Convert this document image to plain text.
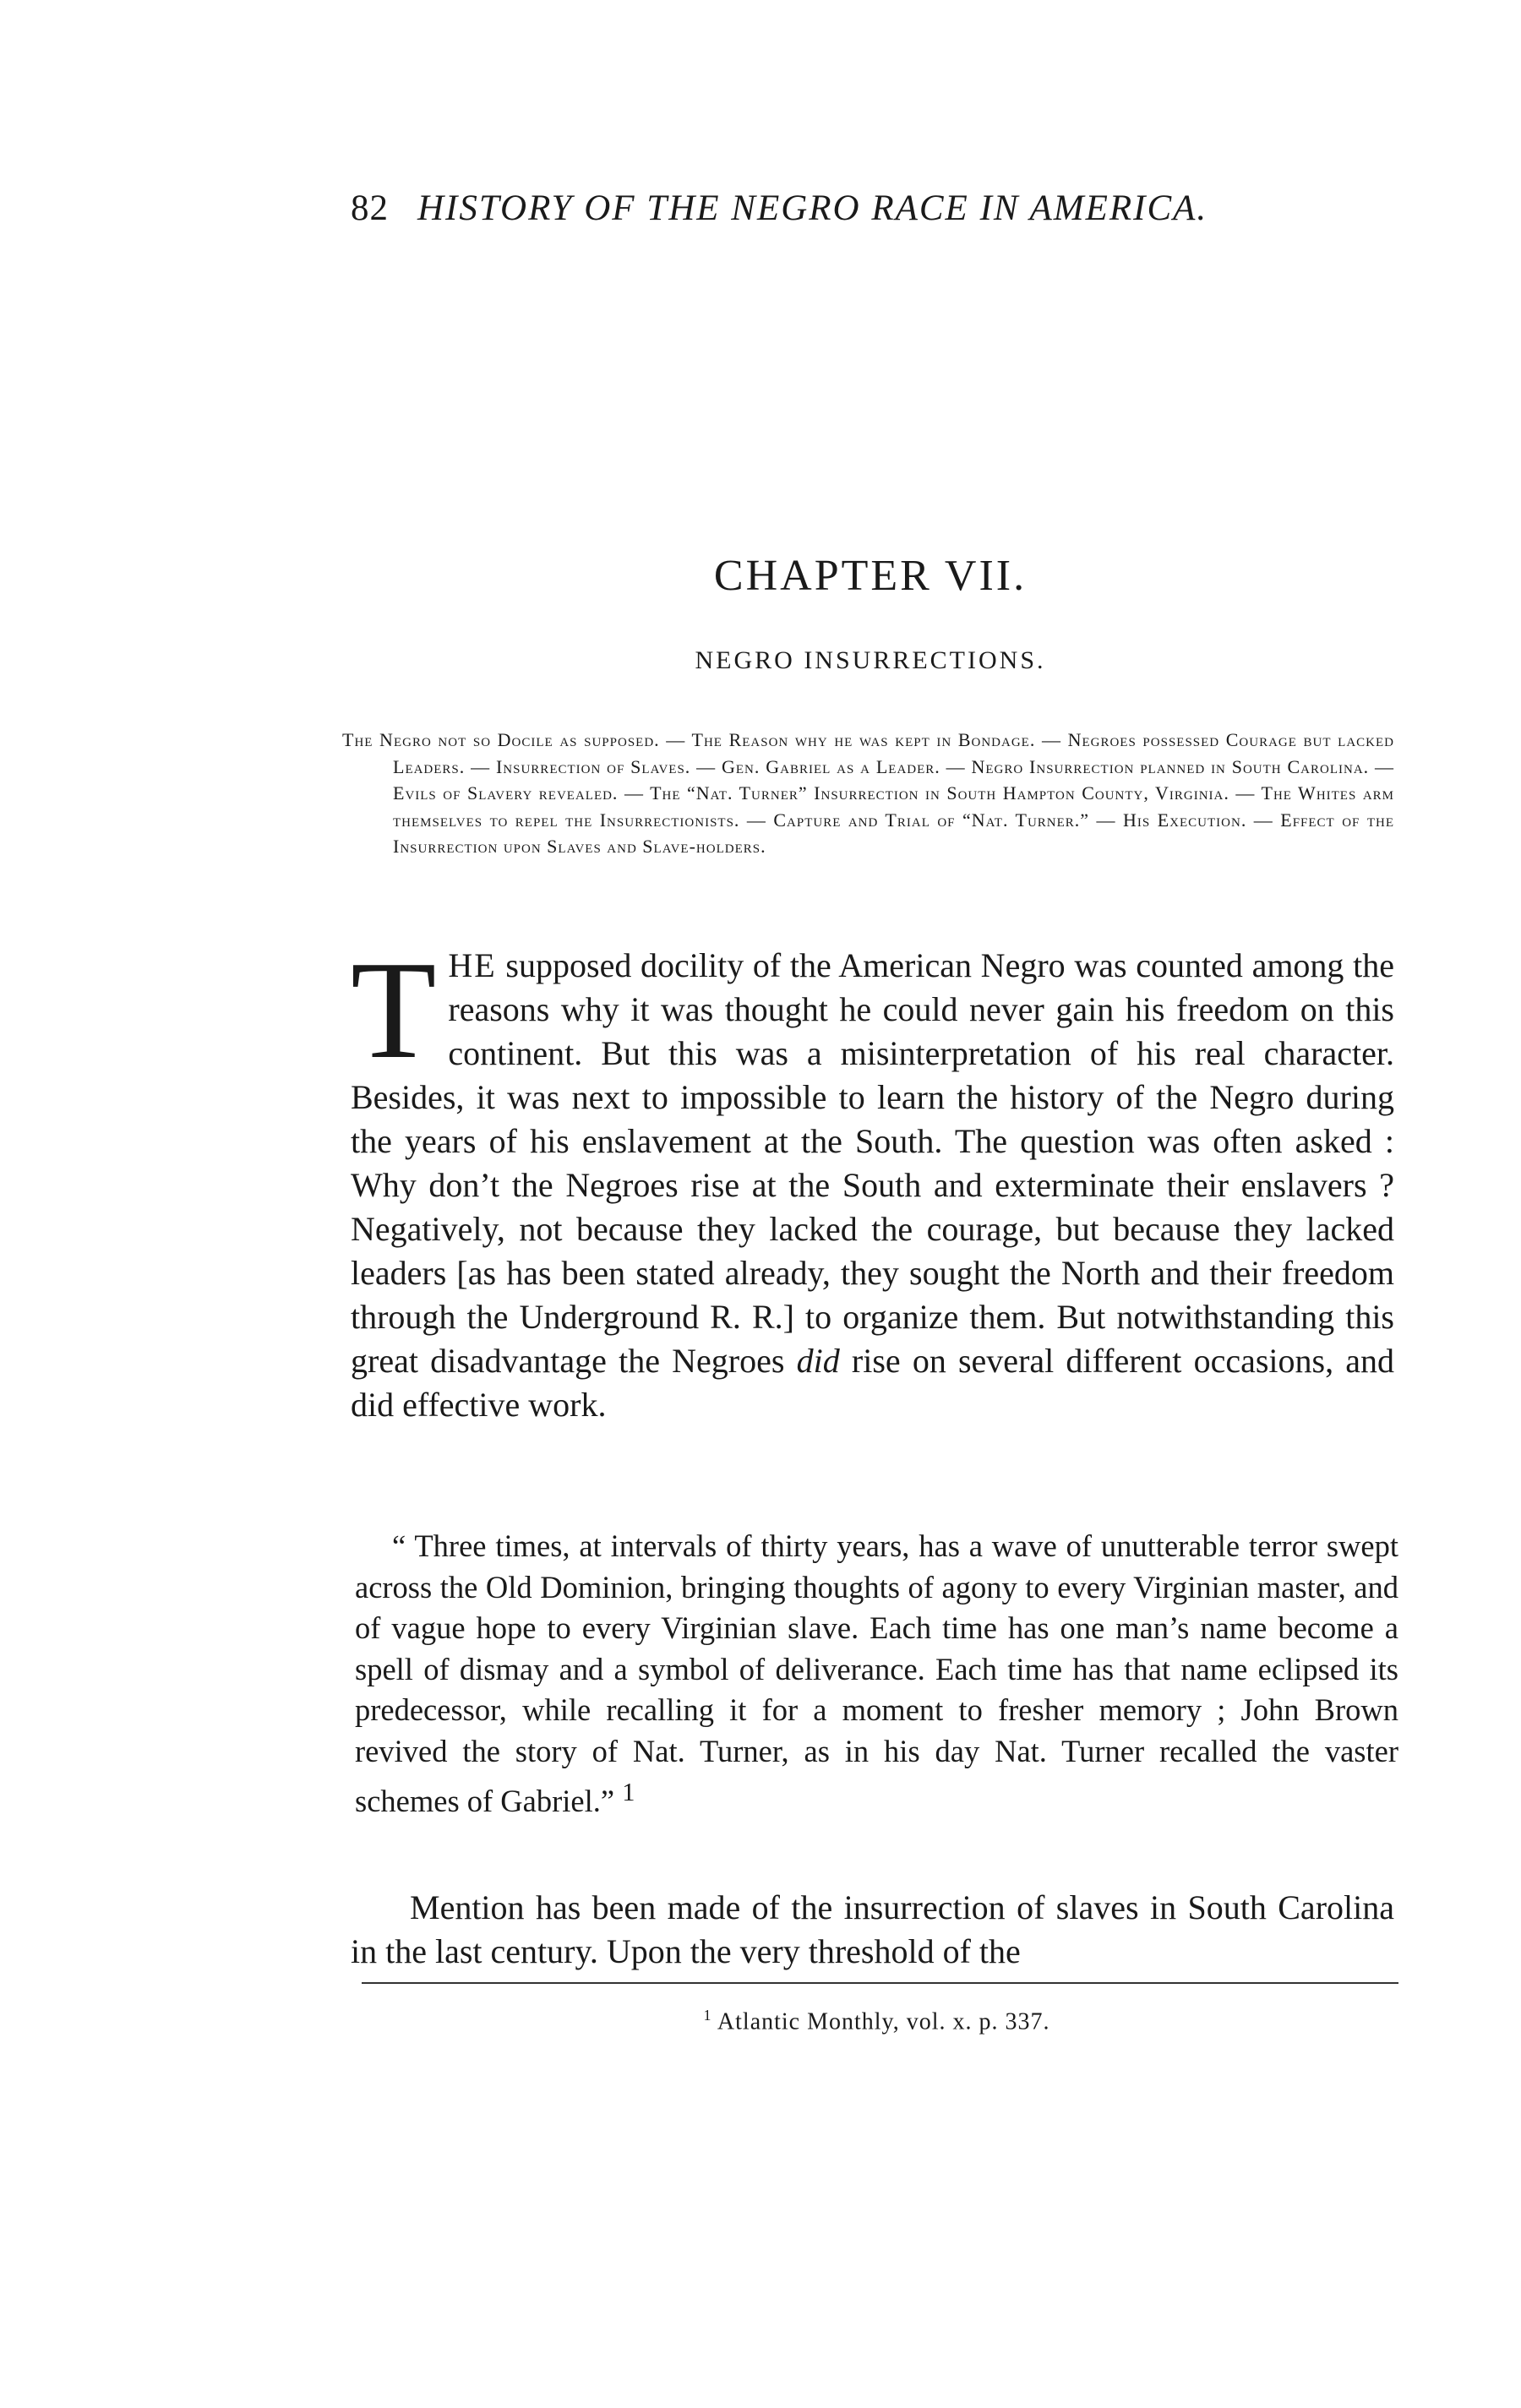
82 HISTORY OF THE NEGRO RACE IN AMERICA.
CHAPTER VII.
NEGRO INSURRECTIONS.
The Negro not so Docile as supposed. — The Reason why he was kept in Bondage. — Negroes possessed Courage but lacked Leaders. — Insurrection of Slaves. — Gen. Gabriel as a Leader. — Negro Insurrection planned in South Carolina. — Evils of Slavery revealed. — The “Nat. Turner” Insurrection in South Hampton County, Virginia. — The Whites arm themselves to repel the Insurrectionists. — Capture and Trial of “Nat. Turner.” — His Execution. — Effect of the Insurrection upon Slaves and Slave-holders.
THE supposed docility of the American Negro was counted among the reasons why it was thought he could never gain his freedom on this continent. But this was a misinterpretation of his real character. Besides, it was next to impossible to learn the history of the Negro during the years of his enslavement at the South. The question was often asked : Why don’t the Negroes rise at the South and exterminate their enslavers ? Negatively, not because they lacked the courage, but because they lacked leaders [as has been stated already, they sought the North and their freedom through the Underground R. R.] to organize them. But notwithstanding this great disadvantage the Negroes did rise on several different occasions, and did effective work.
“ Three times, at intervals of thirty years, has a wave of unutterable terror swept across the Old Dominion, bringing thoughts of agony to every Virginian master, and of vague hope to every Virginian slave. Each time has one man’s name become a spell of dismay and a symbol of deliverance. Each time has that name eclipsed its predecessor, while recalling it for a moment to fresher memory ; John Brown revived the story of Nat. Turner, as in his day Nat. Turner recalled the vaster schemes of Gabriel.” $^1$
Mention has been made of the insurrection of slaves in South Carolina in the last century. Upon the very threshold of the
$^1$ Atlantic Monthly, vol. x. p. 337.
